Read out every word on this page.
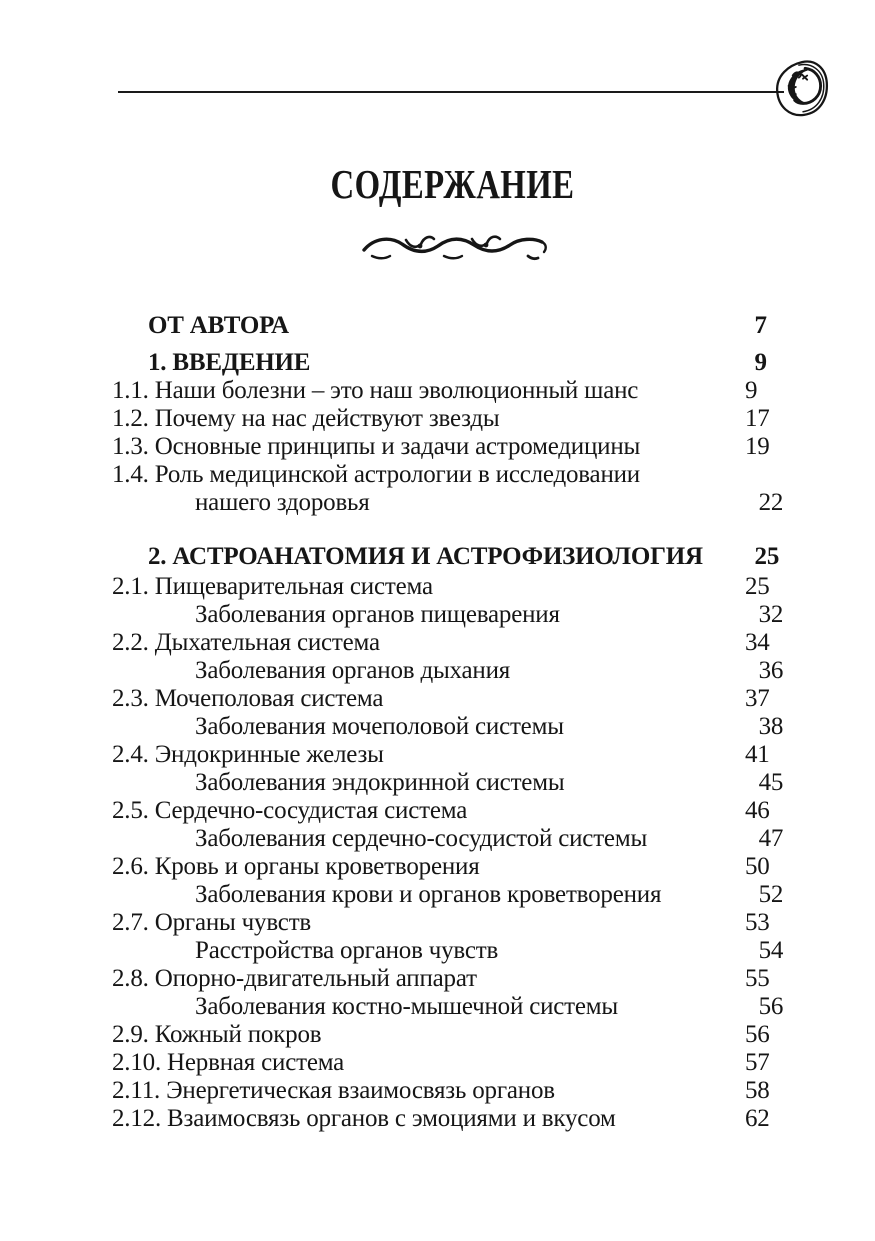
СОДЕРЖАНИЕ
ОТ АВТОРА	7
1. ВВЕДЕНИЕ	9
1.1. Наши болезни – это наш эволюционный шанс	9
1.2. Почему на нас действуют звезды	17
1.3. Основные принципы и задачи астромедицины	19
1.4. Роль медицинской астрологии в исследовании
нашего здоровья	22
2. АСТРОАНАТОМИЯ И АСТРОФИЗИОЛОГИЯ	25
2.1. Пищеварительная система	25
Заболевания органов пищеварения	32
2.2. Дыхательная система	34
Заболевания органов дыхания	36
2.3. Мочеполовая система	37
Заболевания мочеполовой системы	38
2.4. Эндокринные железы	41
Заболевания эндокринной системы	45
2.5. Сердечно-сосудистая система	46
Заболевания сердечно-сосудистой системы	47
2.6. Кровь и органы кроветворения	50
Заболевания крови и органов кроветворения	52
2.7. Органы чувств	53
Расстройства органов чувств	54
2.8. Опорно-двигательный аппарат	55
Заболевания костно-мышечной системы	56
2.9. Кожный покров	56
2.10. Нервная система	57
2.11. Энергетическая взаимосвязь органов	58
2.12. Взаимосвязь органов с эмоциями и вкусом	62
